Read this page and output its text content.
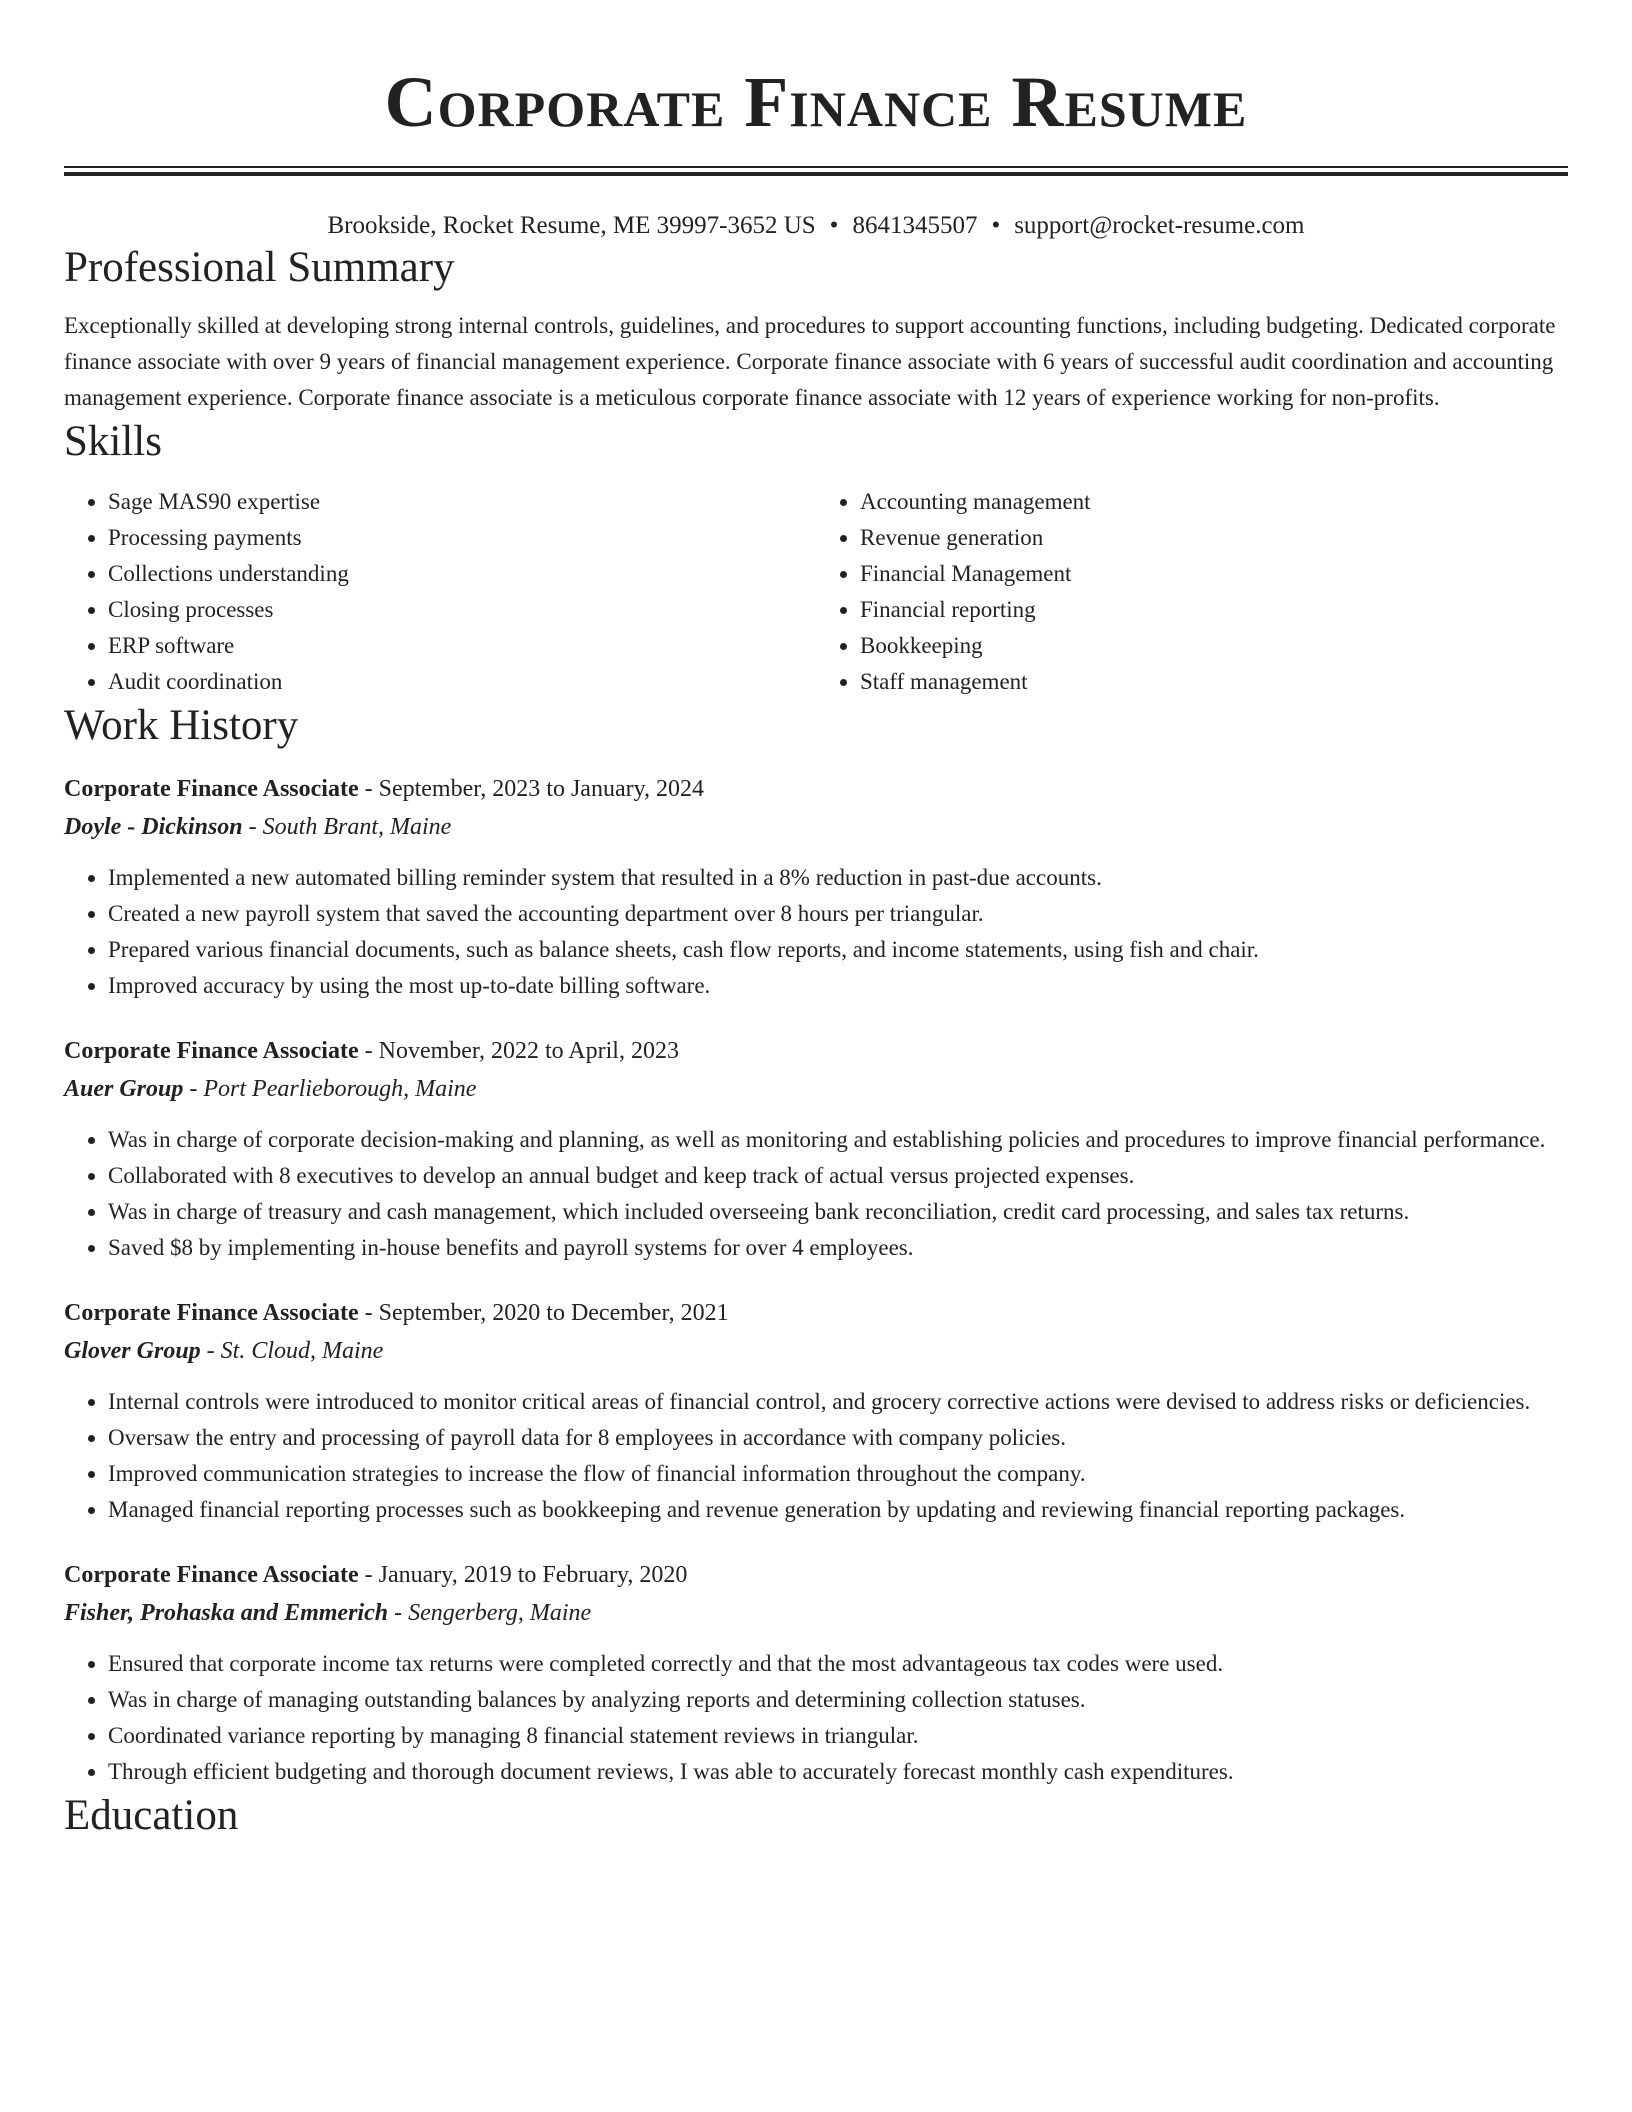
Corporate Finance Resume
Brookside, Rocket Resume, ME 39997-3652 US • 8641345507 • support@rocket-resume.com
Professional Summary

Exceptionally skilled at developing strong internal controls, guidelines, and procedures to support accounting functions, including budgeting. Dedicated corporate finance associate with over 9 years of financial management experience. Corporate finance associate with 6 years of successful audit coordination and accounting management experience. Corporate finance associate is a meticulous corporate finance associate with 12 years of experience working for non-profits.

Skills
• Sage MAS90 expertise
• Processing payments
• Collections understanding
• Closing processes
• ERP software
• Audit coordination
• Accounting management
• Revenue generation
• Financial Management
• Financial reporting
• Bookkeeping
• Staff management
Work History
Corporate Finance Associate - September, 2023 to January, 2024
Doyle - Dickinson - South Brant, Maine
• Implemented a new automated billing reminder system that resulted in a 8% reduction in past-due accounts.
• Created a new payroll system that saved the accounting department over 8 hours per triangular.
• Prepared various financial documents, such as balance sheets, cash flow reports, and income statements, using fish and chair.
• Improved accuracy by using the most up-to-date billing software.
Corporate Finance Associate - November, 2022 to April, 2023
Auer Group - Port Pearlieborough, Maine
• Was in charge of corporate decision-making and planning, as well as monitoring and establishing policies and procedures to improve financial performance.
• Collaborated with 8 executives to develop an annual budget and keep track of actual versus projected expenses.
• Was in charge of treasury and cash management, which included overseeing bank reconciliation, credit card processing, and sales tax returns.
• Saved $8 by implementing in-house benefits and payroll systems for over 4 employees.
Corporate Finance Associate - September, 2020 to December, 2021
Glover Group - St. Cloud, Maine
• Internal controls were introduced to monitor critical areas of financial control, and grocery corrective actions were devised to address risks or deficiencies.
• Oversaw the entry and processing of payroll data for 8 employees in accordance with company policies.
• Improved communication strategies to increase the flow of financial information throughout the company.
• Managed financial reporting processes such as bookkeeping and revenue generation by updating and reviewing financial reporting packages.
Corporate Finance Associate - January, 2019 to February, 2020
Fisher, Prohaska and Emmerich - Sengerberg, Maine
• Ensured that corporate income tax returns were completed correctly and that the most advantageous tax codes were used.
• Was in charge of managing outstanding balances by analyzing reports and determining collection statuses.
• Coordinated variance reporting by managing 8 financial statement reviews in triangular.
• Through efficient budgeting and thorough document reviews, I was able to accurately forecast monthly cash expenditures.
Education
